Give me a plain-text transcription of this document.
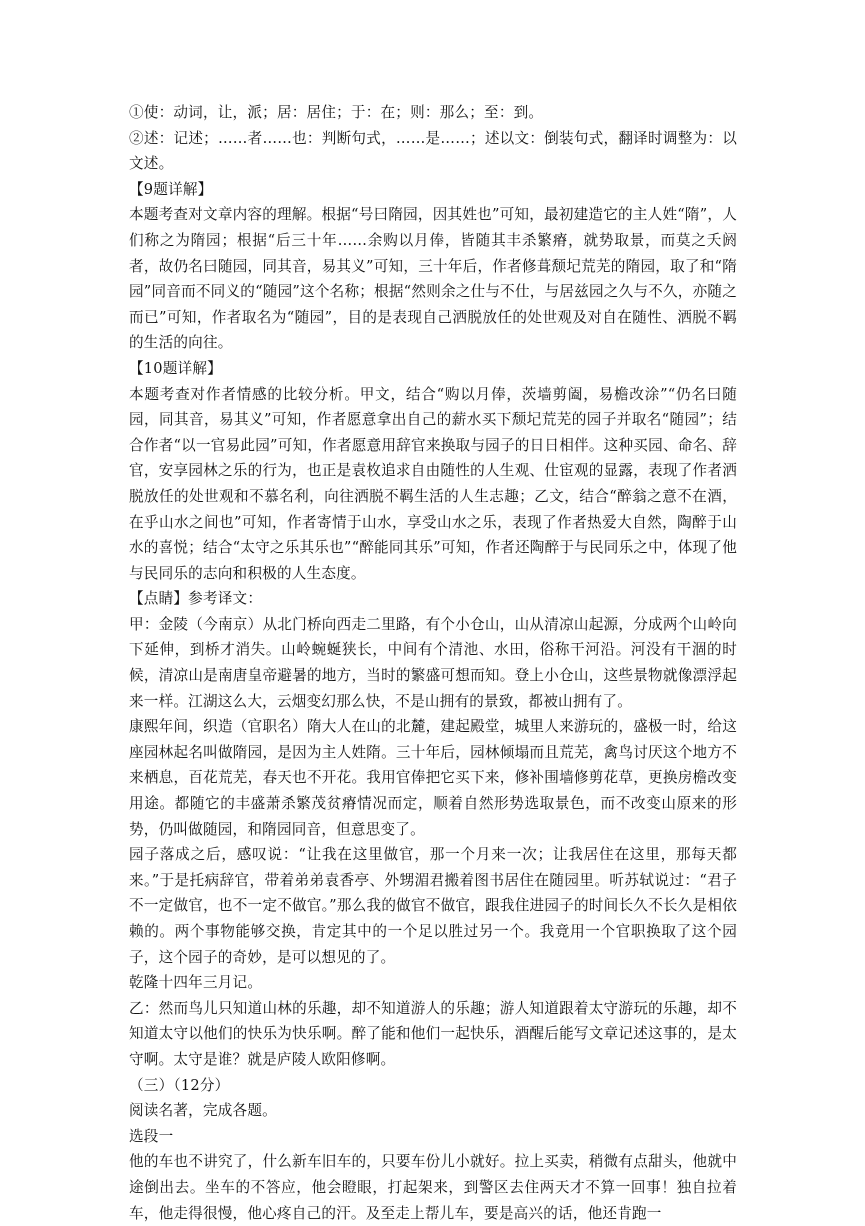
①使：动词，让，派；居：居住；于：在；则：那么；至：到。

②述：记述；……者……也：判断句式，……是……；述以文：倒装句式，翻译时调整为：以文述。

【9题详解】

本题考查对文章内容的理解。根据“号曰隋园，因其姓也”可知，最初建造它的主人姓“隋”，人们称之为隋园；根据“后三十年……余购以月俸，皆随其丰杀繁瘠，就势取景，而莫之夭阏者，故仍名曰随园，同其音，易其义”可知，三十年后，作者修葺颓圮荒芜的隋园，取了和“隋园”同音而不同义的“随园”这个名称；根据“然则余之仕与不仕，与居兹园之久与不久，亦随之而已”可知，作者取名为“随园”，目的是表现自己洒脱放任的处世观及对自在随性、洒脱不羁的生活的向往。

【10题详解】

本题考查对作者情感的比较分析。甲文，结合“购以月俸，茨墙剪阖，易檐改涂”“仍名曰随园，同其音，易其义”可知，作者愿意拿出自己的薪水买下颓圮荒芜的园子并取名“随园”；结合作者“以一官易此园”可知，作者愿意用辞官来换取与园子的日日相伴。这种买园、命名、辞官，安享园林之乐的行为，也正是袁枚追求自由随性的人生观、仕宦观的显露，表现了作者洒脱放任的处世观和不慕名利，向往洒脱不羁生活的人生志趣；乙文，结合“醉翁之意不在酒，在乎山水之间也”可知，作者寄情于山水，享受山水之乐，表现了作者热爱大自然，陶醉于山水的喜悦；结合“太守之乐其乐也”“醉能同其乐”可知，作者还陶醉于与民同乐之中，体现了他与民同乐的志向和积极的人生态度。

【点睛】参考译文：

甲：金陵（今南京）从北门桥向西走二里路，有个小仓山，山从清凉山起源，分成两个山岭向下延伸，到桥才消失。山岭蜿蜒狭长，中间有个清池、水田，俗称干河沿。河没有干涸的时候，清凉山是南唐皇帝避暑的地方，当时的繁盛可想而知。登上小仓山，这些景物就像漂浮起来一样。江湖这么大，云烟变幻那么快，不是山拥有的景致，都被山拥有了。

康熙年间，织造（官职名）隋大人在山的北麓，建起殿堂，城里人来游玩的，盛极一时，给这座园林起名叫做隋园，是因为主人姓隋。三十年后，园林倾塌而且荒芜，禽鸟讨厌这个地方不来栖息，百花荒芜，春天也不开花。我用官俸把它买下来，修补围墙修剪花草，更换房檐改变用途。都随它的丰盛萧杀繁茂贫瘠情况而定，顺着自然形势选取景色，而不改变山原来的形势，仍叫做随园，和隋园同音，但意思变了。

园子落成之后，感叹说：“让我在这里做官，那一个月来一次；让我居住在这里，那每天都来。”于是托病辞官，带着弟弟袁香亭、外甥湄君搬着图书居住在随园里。听苏轼说过：“君子不一定做官，也不一定不做官。”那么我的做官不做官，跟我住进园子的时间长久不长久是相依赖的。两个事物能够交换，肯定其中的一个足以胜过另一个。我竟用一个官职换取了这个园子，这个园子的奇妙，是可以想见的了。

乾隆十四年三月记。

乙：然而鸟儿只知道山林的乐趣，却不知道游人的乐趣；游人知道跟着太守游玩的乐趣，却不知道太守以他们的快乐为快乐啊。醉了能和他们一起快乐，酒醒后能写文章记述这事的，是太守啊。太守是谁？就是庐陵人欧阳修啊。

（三）（12分）

阅读名著，完成各题。

选段一

他的车也不讲究了，什么新车旧车的，只要车份儿小就好。拉上买卖，稍微有点甜头，他就中途倒出去。坐车的不答应，他会瞪眼，打起架来，到警区去住两天才不算一回事！独自拉着车，他走得很慢，他心疼自己的汗。及至走上帮儿车，要是高兴的话，他还肯跑一
